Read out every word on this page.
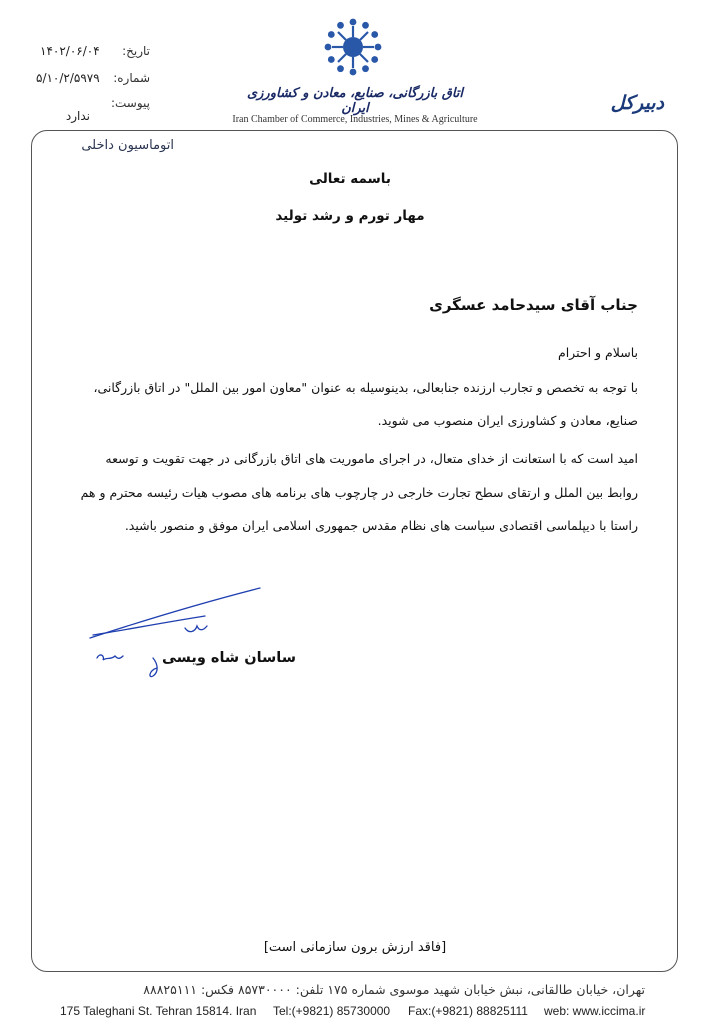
۱۴۰۲/۰۶/۰۴	تاریخ:
۵/۱۰/۲/۵۹۷۹	شماره:
پیوست:
ندارد
اتاق بازرگانی، صنایع، معادن و کشاورزی ایران
Iran Chamber of Commerce, Industries, Mines & Agriculture
دبیرکل
اتوماسیون داخلی
باسمه تعالی
مهار تورم و رشد تولید
جناب آقای سیدحامد عسگری
باسلام و احترام
با توجه به تخصص و تجارب ارزنده جنابعالی، بدینوسیله به عنوان "معاون امور بین الملل" در اتاق بازرگانی،
صنایع، معادن و کشاورزی ایران منصوب می شوید.
امید است که با استعانت از خدای متعال، در اجرای ماموریت های اتاق بازرگانی در جهت تقویت و توسعه
روابط بین الملل و ارتقای سطح تجارت خارجی در چارچوب های برنامه های مصوب هیات رئیسه محترم و هم
راستا با دیپلماسی اقتصادی سیاست های نظام مقدس جمهوری اسلامی ایران موفق و منصور باشید.
ساسان شاه ویسی
[فاقد ارزش برون سازمانی است]
تهران، خیابان طالقانی، نبش خیابان شهید موسوی شماره ۱۷۵ تلفن: ۸۵۷۳۰۰۰۰ فکس: ۸۸۸۲۵۱۱۱
175 Taleghani St. Tehran 15814. Iran Tel:(+9821) 85730000 Fax:(+9821) 88825111 web: www.iccima.ir
